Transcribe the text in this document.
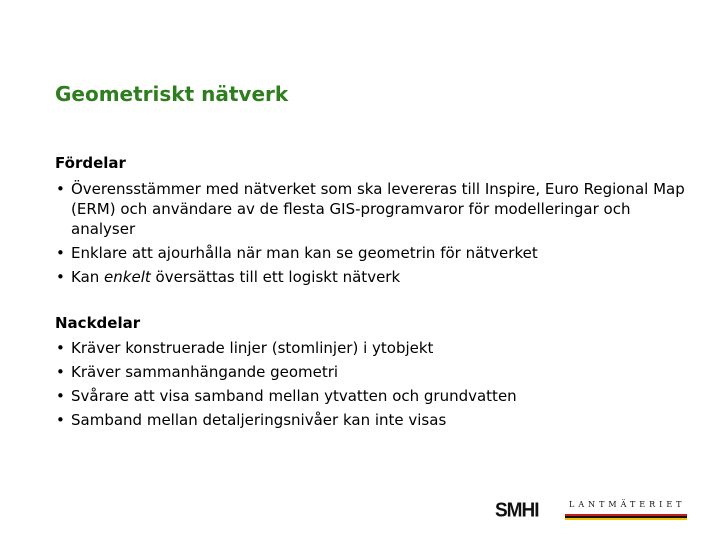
Geometriskt nätverk
Fördelar
• Överensstämmer med nätverket som ska levereras till Inspire, Euro Regional Map (ERM) och användare av de flesta GIS-programvaror för modelleringar och analyser
• Enklare att ajourhålla när man kan se geometrin för nätverket
• Kan enkelt översättas till ett logiskt nätverk
Nackdelar
• Kräver konstruerade linjer (stomlinjer) i ytobjekt
• Kräver sammanhängande geometri
• Svårare att visa samband mellan ytvatten och grundvatten
• Samband mellan detaljeringsnivåer kan inte visas
SMHI	LANTMÄTERIET
